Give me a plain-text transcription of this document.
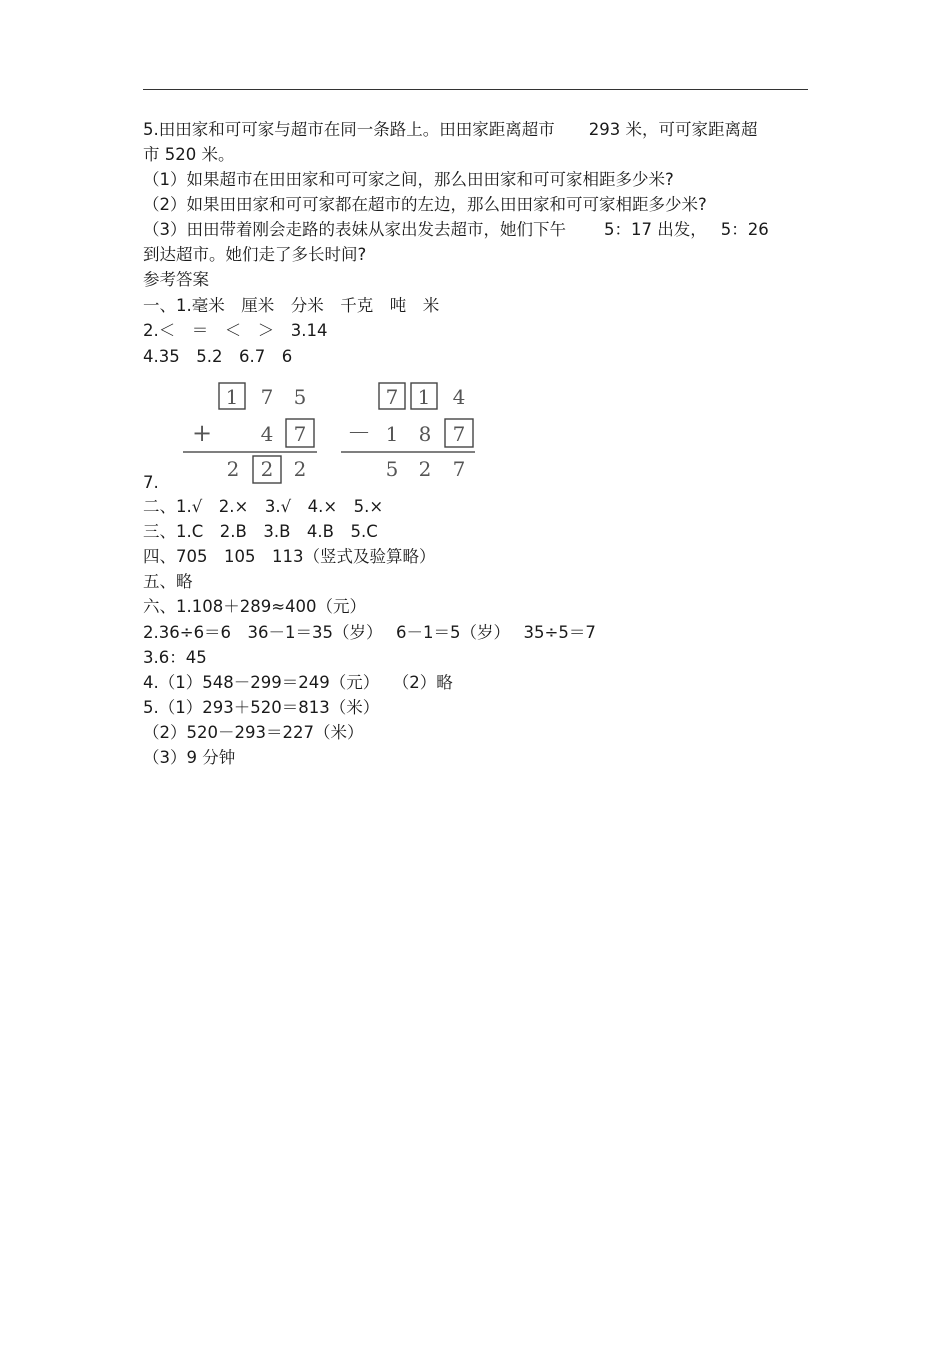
5.田田家和可可家与超市在同一条路上。田田家距离超市 293 米，可可家距离超
市 520 米。
（1）如果超市在田田家和可可家之间，那么田田家和可可家相距多少米?
（2）如果田田家和可可家都在超市的左边，那么田田家和可可家相距多少米?
（3）田田带着刚会走路的表妹从家出发去超市，她们下午 5：17 出发， 5：26
到达超市。她们走了多长时间?
参考答案
一、1.毫米　厘米　分米　千克　吨　米
2.＜　＝　＜　＞　3.14
4.35　5.2　6.7　6
1 7 5
+ 4 7
2 2 2
7 1 4
－ 1 8 7
5 2 7
7.
二、1.√　2.×　3.√　4.×　5.×
三、1.C　2.B　3.B　4.B　5.C
四、705　105　113（竖式及验算略）
五、略
六、1.108＋289≈400（元）
2.36÷6＝6　36－1＝35（岁）　 6－1＝5（岁）　 35÷5＝7
3.6：45
4.（1）548－299＝249（元）　 （2）略
5.（1）293＋520＝813（米）
（2）520－293＝227（米）
（3）9 分钟
